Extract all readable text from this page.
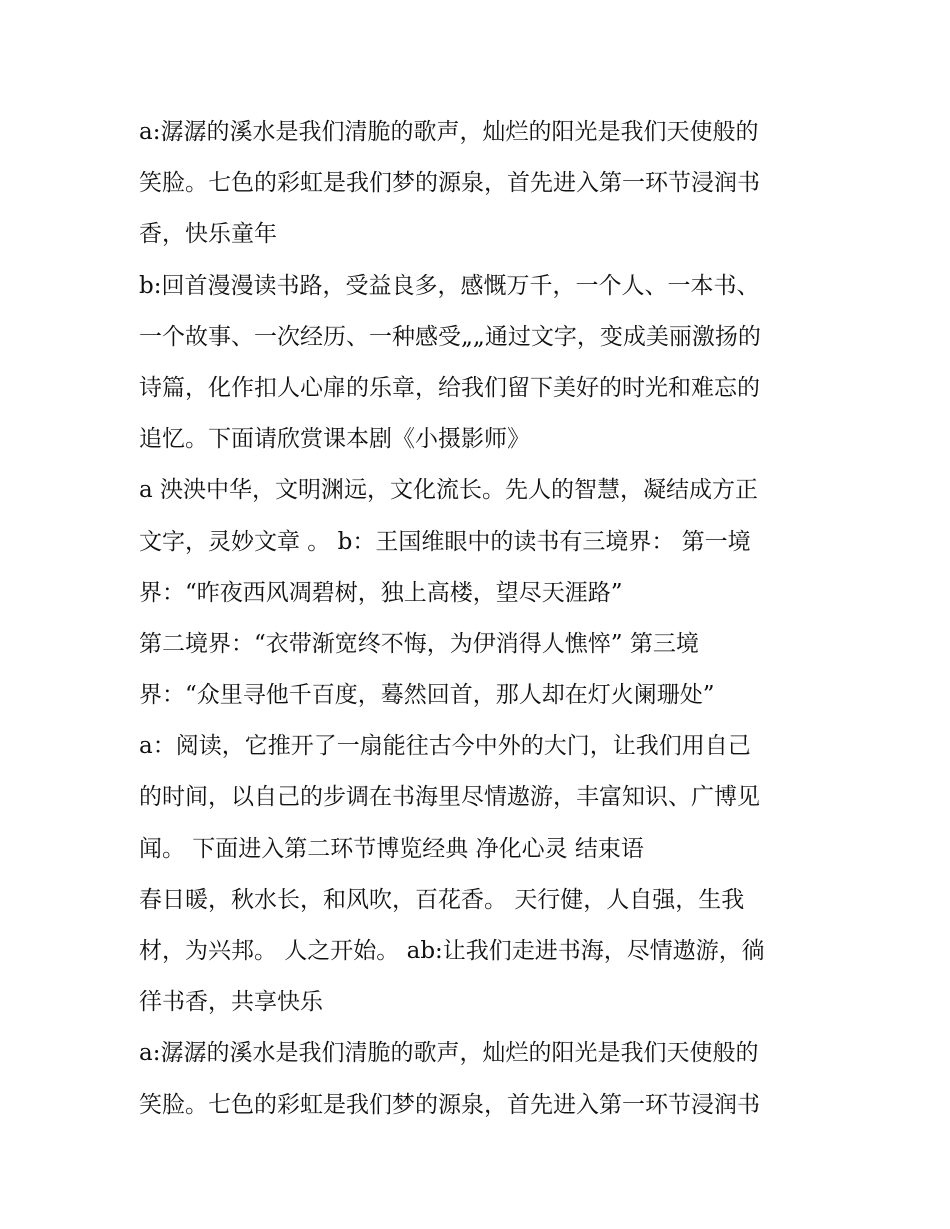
a:潺潺的溪水是我们清脆的歌声，灿烂的阳光是我们天使般的
笑脸。七色的彩虹是我们梦的源泉，首先进入第一环节浸润书
香，快乐童年
b:回首漫漫读书路，受益良多，感慨万千，一个人、一本书、
一个故事、一次经历、一种感受„„通过文字，变成美丽激扬的
诗篇，化作扣人心扉的乐章，给我们留下美好的时光和难忘的
追忆。下面请欣赏课本剧《小摄影师》
a 泱泱中华，文明渊远，文化流长。先人的智慧，凝结成方正
文字，灵妙文章 。 b：王国维眼中的读书有三境界： 第一境
界：“昨夜西风凋碧树，独上高楼，望尽天涯路”
第二境界：“衣带渐宽终不悔，为伊消得人憔悴” 第三境
界：“众里寻他千百度，蓦然回首，那人却在灯火阑珊处”
a：阅读，它推开了一扇能往古今中外的大门，让我们用自己
的时间，以自己的步调在书海里尽情遨游，丰富知识、广博见
闻。 下面进入第二环节博览经典 净化心灵 结束语
春日暖，秋水长，和风吹，百花香。 天行健，人自强，生我
材，为兴邦。 人之开始。 ab:让我们走进书海，尽情遨游，徜
徉书香，共享快乐
a:潺潺的溪水是我们清脆的歌声，灿烂的阳光是我们天使般的
笑脸。七色的彩虹是我们梦的源泉，首先进入第一环节浸润书
